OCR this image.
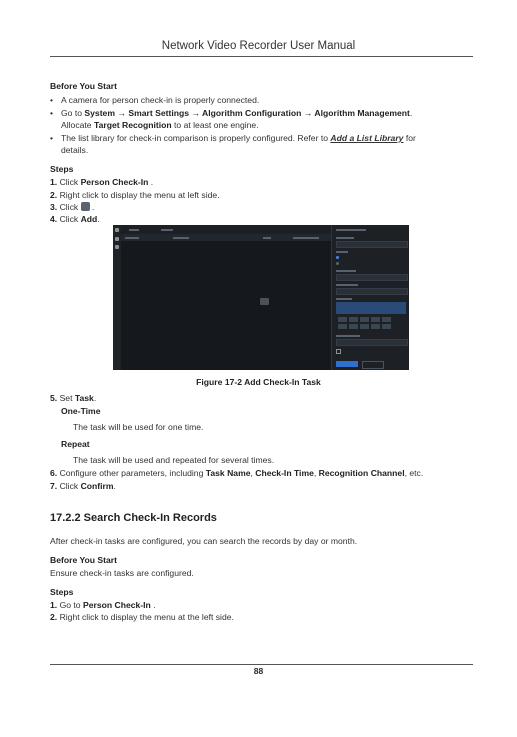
Network Video Recorder User Manual
Before You Start
• A camera for person check-in is properly connected.
• Go to System → Smart Settings → Algorithm Configuration → Algorithm Management.
Allocate Target Recognition to at least one engine.
• The list library for check-in comparison is properly configured. Refer to Add a List Library for
details.
Steps
1. Click Person Check-In .
2. Right click to display the menu at left side.
3. Click  .
4. Click Add.
Figure 17-2 Add Check-In Task
5. Set Task.
One-Time
The task will be used for one time.
Repeat
The task will be used and repeated for several times.
6. Configure other parameters, including Task Name, Check-In Time, Recognition Channel, etc.
7. Click Confirm.
17.2.2 Search Check-In Records
After check-in tasks are configured, you can search the records by day or month.
Before You Start
Ensure check-in tasks are configured.
Steps
1. Go to Person Check-In .
2. Right click to display the menu at the left side.
88
